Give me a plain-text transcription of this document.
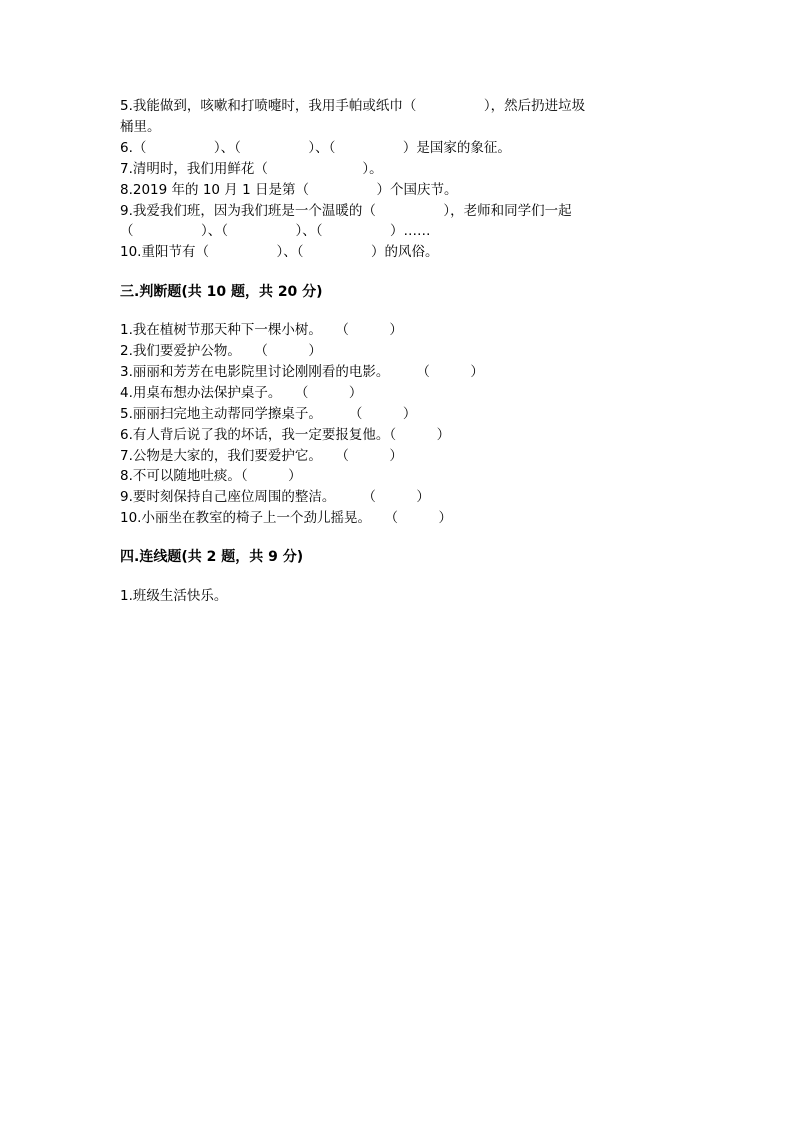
5.我能做到，咳嗽和打喷嚏时，我用手帕或纸巾（　　　　　），然后扔进垃圾

桶里。

6.（　　　　　）、（　　　　　）、（　　　　　）是国家的象征。

7.清明时，我们用鲜花（　　　　　　　）。

8.2019 年的 10 月 1 日是第（　　　　　）个国庆节。

9.我爱我们班，因为我们班是一个温暖的（　　　　　），老师和同学们一起

（　　　　　）、（　　　　　）、（　　　　　）……

10.重阳节有（　　　　　）、（　　　　　）的风俗。

三.判断题(共 10 题，共 20 分)

1.我在植树节那天种下一棵小树。　　（　　　）

2.我们要爱护公物。　　（　　　）

3.丽丽和芳芳在电影院里讨论刚刚看的电影。　　　（　　　）

4.用桌布想办法保护桌子。　　（　　　）

5.丽丽扫完地主动帮同学擦桌子。　　　（　　　）

6.有人背后说了我的坏话，我一定要报复他。（　　　）

7.公物是大家的，我们要爱护它。　　（　　　）

8.不可以随地吐痰。（　　　）

9.要时刻保持自己座位周围的整洁。　　　（　　　）

10.小丽坐在教室的椅子上一个劲儿摇晃。　　（　　　）

四.连线题(共 2 题，共 9 分)

1.班级生活快乐。
